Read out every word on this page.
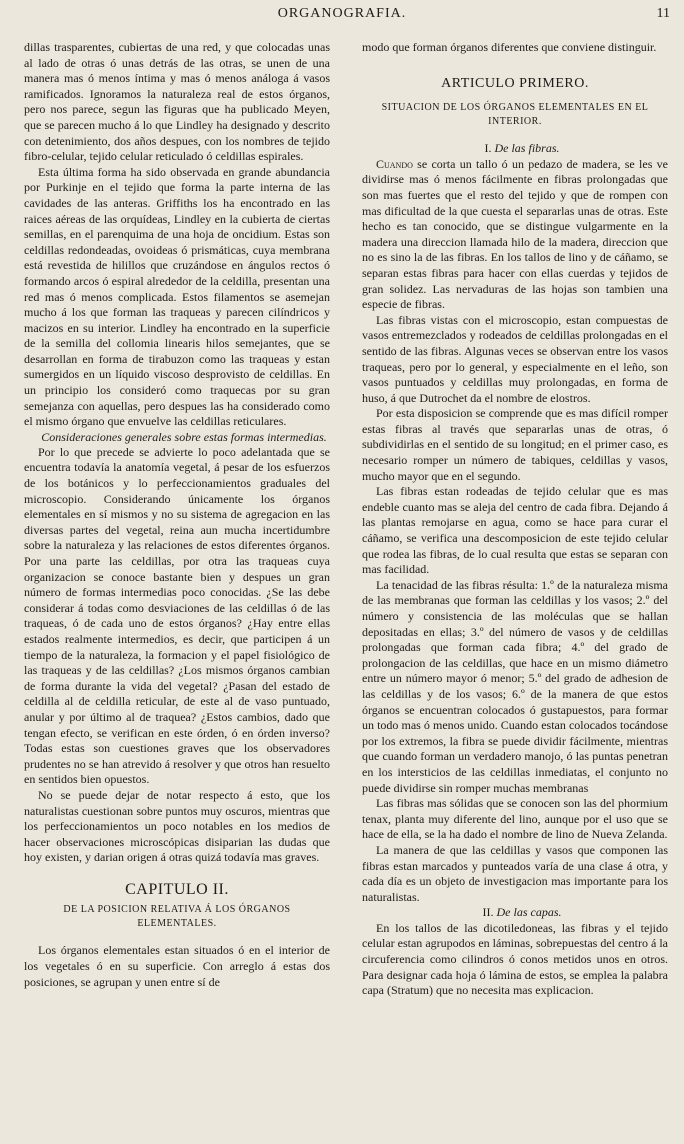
ORGANOGRAFIA.	11

dillas trasparentes, cubiertas de una red, y que colocadas unas al lado de otras ó unas detrás de las otras, se unen de una manera mas ó menos íntima y mas ó menos análoga á vasos ramificados. Ignoramos la naturaleza real de estos órganos, pero nos parece, segun las figuras que ha publicado Meyen, que se parecen mucho á lo que Lindley ha designado y descrito con detenimiento, dos años despues, con los nombres de tejido fibro-celular, tejido celular reticulado ó celdillas espirales.

Esta última forma ha sido observada en grande abundancia por Purkinje en el tejido que forma la parte interna de las cavidades de las anteras. Griffiths los ha encontrado en las raices aéreas de las orquídeas, Lindley en la cubierta de ciertas semillas, en el parenquima de una hoja de oncidium. Estas son celdillas redondeadas, ovoideas ó prismáticas, cuya membrana está revestida de hilillos que cruzándose en ángulos rectos ó formando arcos ó espiral alrededor de la celdilla, presentan una red mas ó menos complicada. Estos filamentos se asemejan mucho á los que forman las traqueas y parecen cilíndricos y macizos en su interior. Lindley ha encontrado en la superficie de la semilla del collomia linearis hilos semejantes, que se desarrollan en forma de tirabuzon como las traqueas y estan sumergidos en un líquido viscoso desprovisto de celdillas. En un principio los consideró como traquecas por su gran semejanza con aquellas, pero despues las ha considerado como el mismo órgano que envuelve las celdillas reticulares.

Consideraciones generales sobre estas formas intermedias.

Por lo que precede se advierte lo poco adelantada que se encuentra todavía la anatomía vegetal, á pesar de los esfuerzos de los botánicos y lo perfeccionamientos graduales del microscopio. Considerando únicamente los órganos elementales en sí mismos y no su sistema de agregacion en las diversas partes del vegetal, reina aun mucha incertidumbre sobre la naturaleza y las relaciones de estos diferentes órganos. Por una parte las celdillas, por otra las traqueas cuya organizacion se conoce bastante bien y despues un gran número de formas intermedias poco conocidas. ¿Se las debe considerar á todas como desviaciones de las celdillas ó de las traqueas, ó de cada uno de estos órganos? ¿Hay entre ellas estados realmente intermedios, es decir, que participen á un tiempo de la naturaleza, la formacion y el papel fisiológico de las traqueas y de las celdillas? ¿Los mismos órganos cambian de forma durante la vida del vegetal? ¿Pasan del estado de celdilla al de celdilla reticular, de este al de vaso puntuado, anular y por último al de traquea? ¿Estos cambios, dado que tengan efecto, se verifican en este órden, ó en órden inverso? Todas estas son cuestiones graves que los observadores prudentes no se han atrevido á resolver y que otros han resuelto en sentidos bien opuestos.

No se puede dejar de notar respecto á esto, que los naturalistas cuestionan sobre puntos muy oscuros, mientras que los perfeccionamientos un poco notables en los medios de hacer observaciones microscópicas disiparian las dudas que hoy existen, y darian origen á otras quizá todavía mas graves.

CAPITULO II.
DE LA POSICION RELATIVA Á LOS ÓRGANOS ELEMENTALES.

Los órganos elementales estan situados ó en el interior de los vegetales ó en su superficie. Con arreglo á estas dos posiciones, se agrupan y unen entre sí de

modo que forman órganos diferentes que conviene distinguir.

ARTICULO PRIMERO.
SITUACION DE LOS ÓRGANOS ELEMENTALES EN EL INTERIOR.

I. De las fibras.

Cuando se corta un tallo ó un pedazo de madera, se les ve dividirse mas ó menos fácilmente en fibras prolongadas que son mas fuertes que el resto del tejido y que de rompen con mas dificultad de la que cuesta el separarlas unas de otras. Este hecho es tan conocido, que se distingue vulgarmente en la madera una direccion llamada hilo de la madera, direccion que no es sino la de las fibras. En los tallos de lino y de cáñamo, se separan estas fibras para hacer con ellas cuerdas y tejidos de gran solidez. Las nervaduras de las hojas son tambien una especie de fibras.

Las fibras vistas con el microscopio, estan compuestas de vasos entremezclados y rodeados de celdillas prolongadas en el sentido de las fibras. Algunas veces se observan entre los vasos traqueas, pero por lo general, y especialmente en el leño, son vasos puntuados y celdillas muy prolongadas, en forma de huso, á que Dutrochet da el nombre de elostros.

Por esta disposicion se comprende que es mas difícil romper estas fibras al través que separarlas unas de otras, ó subdividirlas en el sentido de su longitud; en el primer caso, es necesario romper un número de tabiques, celdillas y vasos, mucho mayor que en el segundo.

Las fibras estan rodeadas de tejido celular que es mas endeble cuanto mas se aleja del centro de cada fibra. Dejando á las plantas remojarse en agua, como se hace para curar el cáñamo, se verifica una descomposicion de este tejido celular que rodea las fibras, de lo cual resulta que estas se separan con mas facilidad.

La tenacidad de las fibras résulta: 1.º de la naturaleza misma de las membranas que forman las celdillas y los vasos; 2.º del número y consistencia de las moléculas que se hallan depositadas en ellas; 3.º del número de vasos y de celdillas prolongadas que forman cada fibra; 4.º del grado de prolongacion de las celdillas, que hace en un mismo diámetro entre un número mayor ó menor; 5.º del grado de adhesion de las celdillas y de los vasos; 6.º de la manera de que estos órganos se encuentran colocados ó gustapuestos, para formar un todo mas ó menos unido. Cuando estan colocados tocándose por los extremos, la fibra se puede dividir fácilmente, mientras que cuando forman un verdadero manojo, ó las puntas penetran en los intersticios de las celdillas inmediatas, el conjunto no puede dividirse sin romper muchas membranas

Las fibras mas sólidas que se conocen son las del phormium tenax, planta muy diferente del lino, aunque por el uso que se hace de ella, se la ha dado el nombre de lino de Nueva Zelanda.

La manera de que las celdillas y vasos que componen las fibras estan marcados y punteados varía de una clase á otra, y cada día es un objeto de investigacion mas importante para los naturalistas.

II. De las capas.

En los tallos de las dicotiledoneas, las fibras y el tejido celular estan agrupodos en láminas, sobrepuestas del centro á la circuferencia como cilindros ó conos metidos unos en otros. Para designar cada hoja ó lámina de estos, se emplea la palabra capa (Stratum) que no necesita mas explicacion.
